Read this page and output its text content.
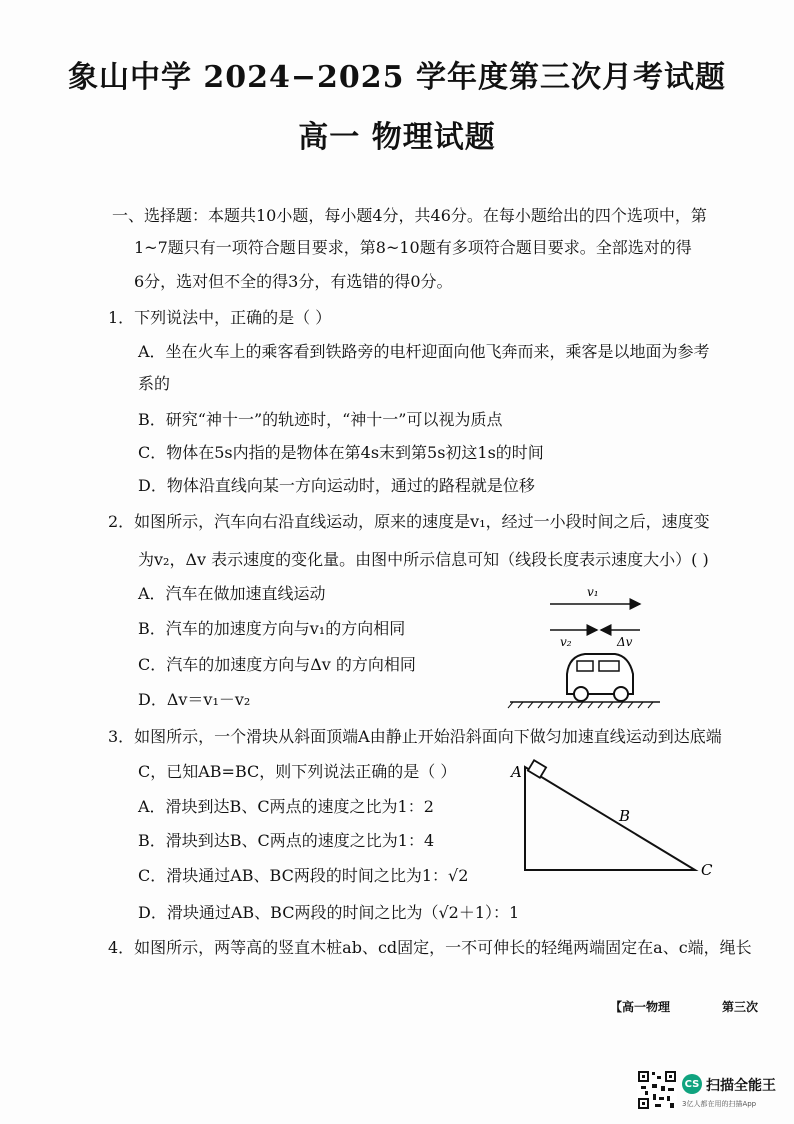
象山中学 2024−2025 学年度第三次月考试题
高一 物理试题
一、选择题：本题共10小题，每小题4分，共46分。在每小题给出的四个选项中，第
1~7题只有一项符合题目要求，第8~10题有多项符合题目要求。全部选对的得
6分，选对但不全的得3分，有选错的得0分。
1．下列说法中，正确的是（ ）
A．坐在火车上的乘客看到铁路旁的电杆迎面向他飞奔而来，乘客是以地面为参考
系的
B．研究“神十一”的轨迹时，“神十一”可以视为质点
C．物体在5s内指的是物体在第4s末到第5s初这1s的时间
D．物体沿直线向某一方向运动时，通过的路程就是位移
2．如图所示，汽车向右沿直线运动，原来的速度是v₁，经过一小段时间之后，速度变
为v₂，Δv 表示速度的变化量。由图中所示信息可知（线段长度表示速度大小）( )
A．汽车在做加速直线运动
B．汽车的加速度方向与v₁的方向相同
C．汽车的加速度方向与Δv 的方向相同
D．Δv＝v₁－v₂
v₁
v₂	Δv
3．如图所示，一个滑块从斜面顶端A由静止开始沿斜面向下做匀加速直线运动到达底端
C，已知AB=BC，则下列说法正确的是（ ）
A．滑块到达B、C两点的速度之比为1：2
B．滑块到达B、C两点的速度之比为1：4
C．滑块通过AB、BC两段的时间之比为1：√2
D．滑块通过AB、BC两段的时间之比为（√2＋1）：1
A
B
C
4．如图所示，两等高的竖直木桩ab、cd固定，一不可伸长的轻绳两端固定在a、c端，绳长
【高一物理	第三次
CS 扫描全能王
3亿人都在用的扫描App
